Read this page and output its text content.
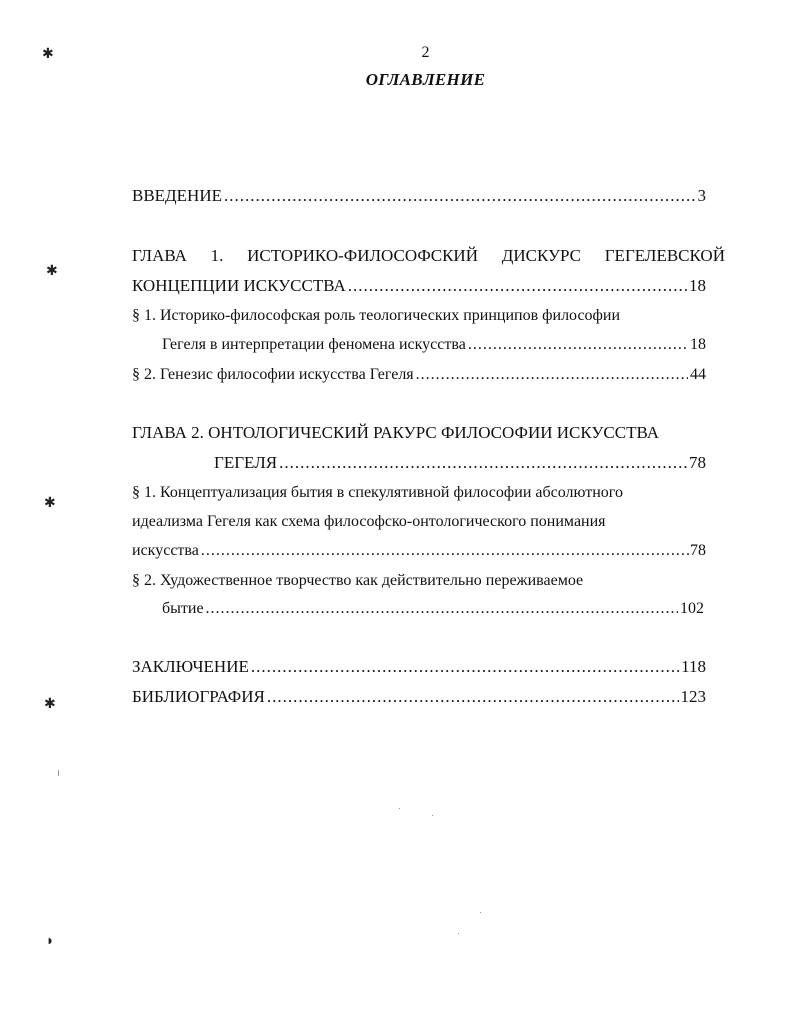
2
ОГЛАВЛЕНИЕ
ВВЕДЕНИЕ .....	3
ГЛАВА 1. ИСТОРИКО-ФИЛОСОФСКИЙ ДИСКУРС ГЕГЕЛЕВСКОЙ
КОНЦЕПЦИИ ИСКУССТВА .....	18
§ 1. Историко-философская роль теологических принципов философии
Гегеля в интерпретации феномена искусства .....	18
§ 2. Генезис философии искусства Гегеля .....	44
ГЛАВА 2. ОНТОЛОГИЧЕСКИЙ РАКУРС ФИЛОСОФИИ ИСКУССТВА
ГЕГЕЛЯ .....	78
§ 1. Концептуализация бытия в спекулятивной философии абсолютного
идеализма Гегеля как схема философско-онтологического понимания
искусства .....	.78
§ 2. Художественное творчество как действительно переживаемое
бытие .....	102
ЗАКЛЮЧЕНИЕ .....	118
БИБЛИОГРАФИЯ .....	123
✱
✱
✱
✱
◗
